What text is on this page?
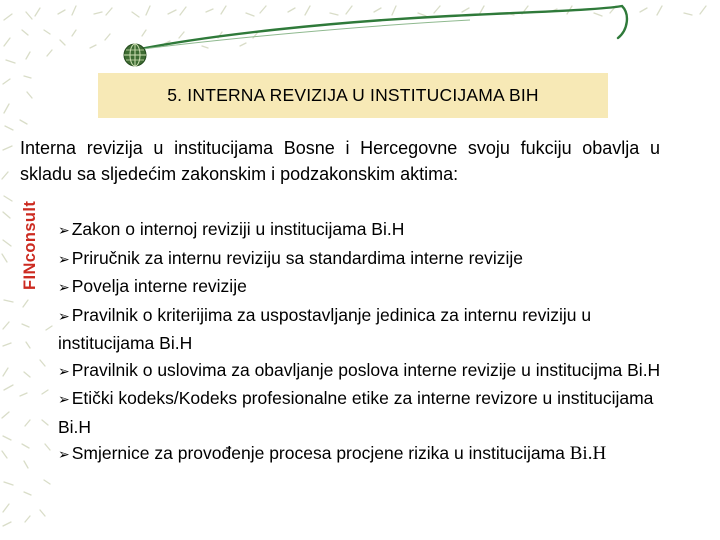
5. INTERNA REVIZIJA U INSTITUCIJAMA BIH
FINconsult
Interna revizija u institucijama Bosne i Hercegovne svoju fukciju obavlja u skladu sa sljedećim zakonskim i podzakonskim aktima:
➢ Zakon o internoj reviziji u institucijama Bi.H
➢ Priručnik za internu reviziju sa standardima interne revizije
➢ Povelja interne revizije
➢ Pravilnik o kriterijima za uspostavljanje jedinica za internu reviziju u institucijama Bi.H
➢ Pravilnik o uslovima za obavljanje poslova interne revizije u institucijma Bi.H
➢ Etički kodeks/Kodeks profesionalne etike za interne revizore u institucijama Bi.H
➢ Smjernice za provođenje procesa procjene rizika u institucijama Bi.H
